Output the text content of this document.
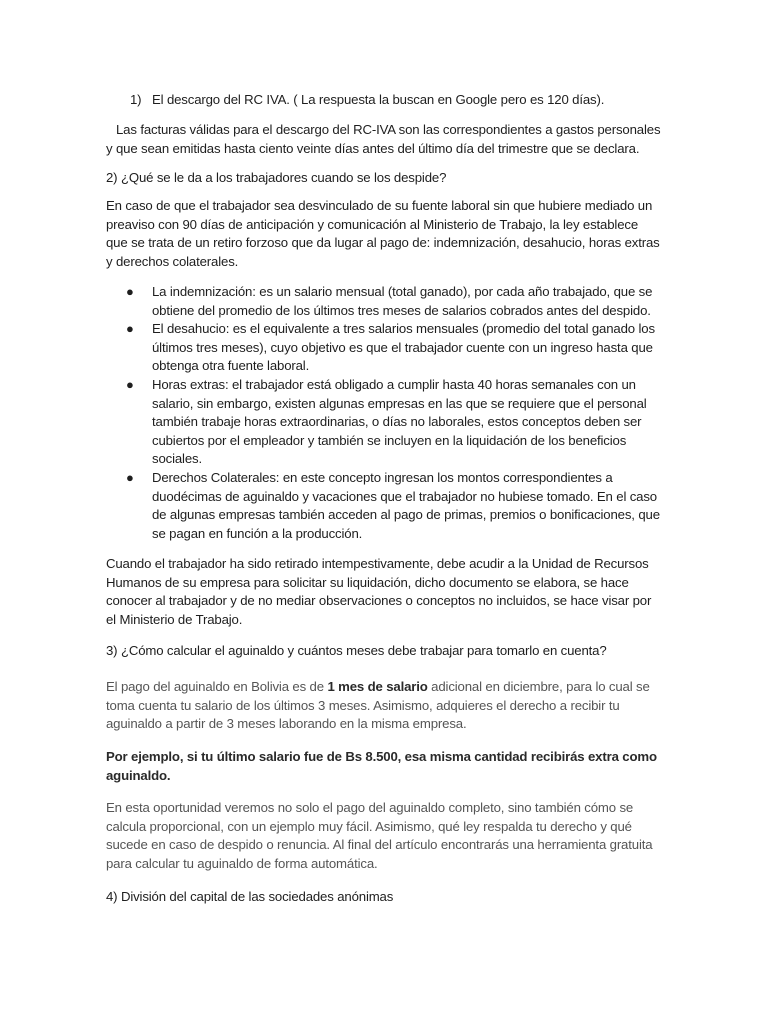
1) El descargo del RC IVA. ( La respuesta la buscan en Google pero es 120 días).

Las facturas válidas para el descargo del RC-IVA son las correspondientes a gastos personales y que sean emitidas hasta ciento veinte días antes del último día del trimestre que se declara.

2) ¿Qué se le da a los trabajadores cuando se los despide?

En caso de que el trabajador sea desvinculado de su fuente laboral sin que hubiere mediado un preaviso con 90 días de anticipación y comunicación al Ministerio de Trabajo, la ley establece que se trata de un retiro forzoso que da lugar al pago de: indemnización, desahucio, horas extras y derechos colaterales.

● La indemnización: es un salario mensual (total ganado), por cada año trabajado, que se obtiene del promedio de los últimos tres meses de salarios cobrados antes del despido.
● El desahucio: es el equivalente a tres salarios mensuales (promedio del total ganado los últimos tres meses), cuyo objetivo es que el trabajador cuente con un ingreso hasta que obtenga otra fuente laboral.
● Horas extras: el trabajador está obligado a cumplir hasta 40 horas semanales con un salario, sin embargo, existen algunas empresas en las que se requiere que el personal también trabaje horas extraordinarias, o días no laborales, estos conceptos deben ser cubiertos por el empleador y también se incluyen en la liquidación de los beneficios sociales.
● Derechos Colaterales: en este concepto ingresan los montos correspondientes a duodécimas de aguinaldo y vacaciones que el trabajador no hubiese tomado. En el caso de algunas empresas también acceden al pago de primas, premios o bonificaciones, que se pagan en función a la producción.

Cuando el trabajador ha sido retirado intempestivamente, debe acudir a la Unidad de Recursos Humanos de su empresa para solicitar su liquidación, dicho documento se elabora, se hace conocer al trabajador y de no mediar observaciones o conceptos no incluidos, se hace visar por el Ministerio de Trabajo.

3) ¿Cómo calcular el aguinaldo y cuántos meses debe trabajar para tomarlo en cuenta?

El pago del aguinaldo en Bolivia es de 1 mes de salario adicional en diciembre, para lo cual se toma cuenta tu salario de los últimos 3 meses. Asimismo, adquieres el derecho a recibir tu aguinaldo a partir de 3 meses laborando en la misma empresa.

Por ejemplo, si tu último salario fue de Bs 8.500, esa misma cantidad recibirás extra como aguinaldo.

En esta oportunidad veremos no solo el pago del aguinaldo completo, sino también cómo se calcula proporcional, con un ejemplo muy fácil. Asimismo, qué ley respalda tu derecho y qué sucede en caso de despido o renuncia. Al final del artículo encontrarás una herramienta gratuita para calcular tu aguinaldo de forma automática.

4) División del capital de las sociedades anónimas
